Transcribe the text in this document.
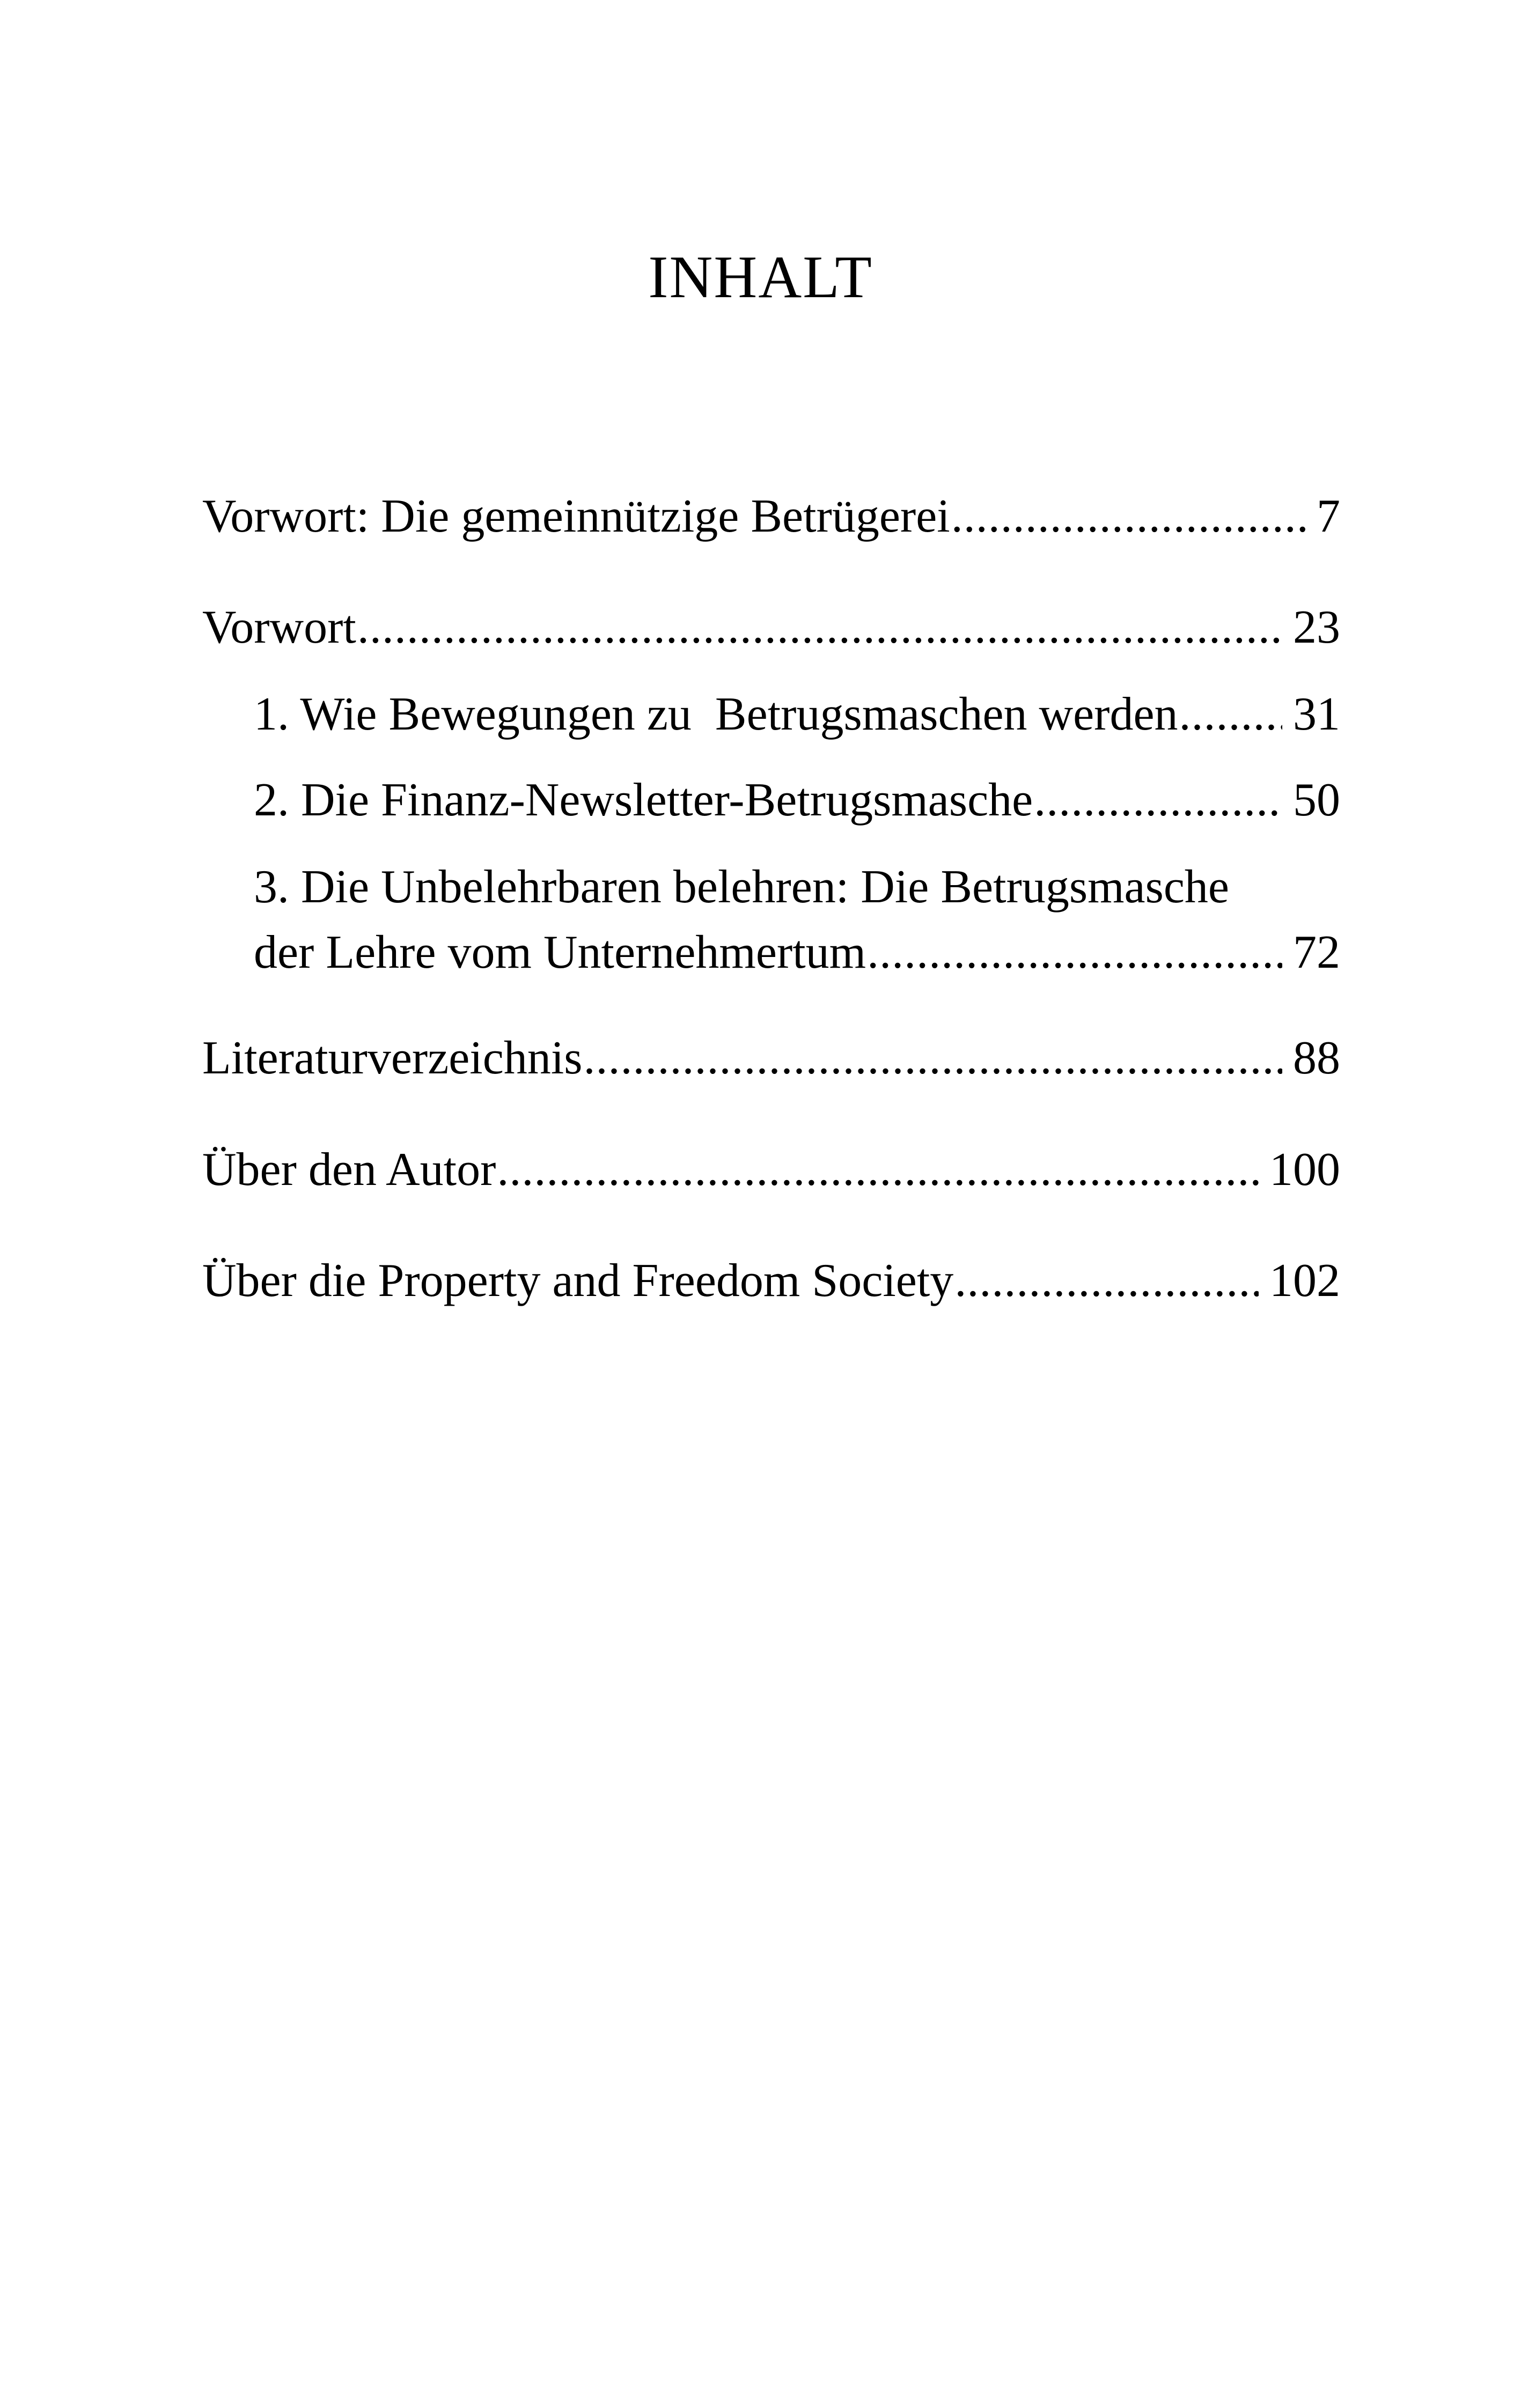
INHALT
Vorwort: Die gemeinnützige Betrügerei .....	7
Vorwort .....	23
1. Wie Bewegungen zu  Betrugsmaschen werden ..... 31
2. Die Finanz-Newsletter-Betrugsmasche .....	50
3. Die Unbelehrbaren belehren: Die Betrugsmasche
der Lehre vom Unternehmertum .....	72
Literaturverzeichnis .....	88
Über den Autor .....	100
Über die Property and Freedom Society .....	102
